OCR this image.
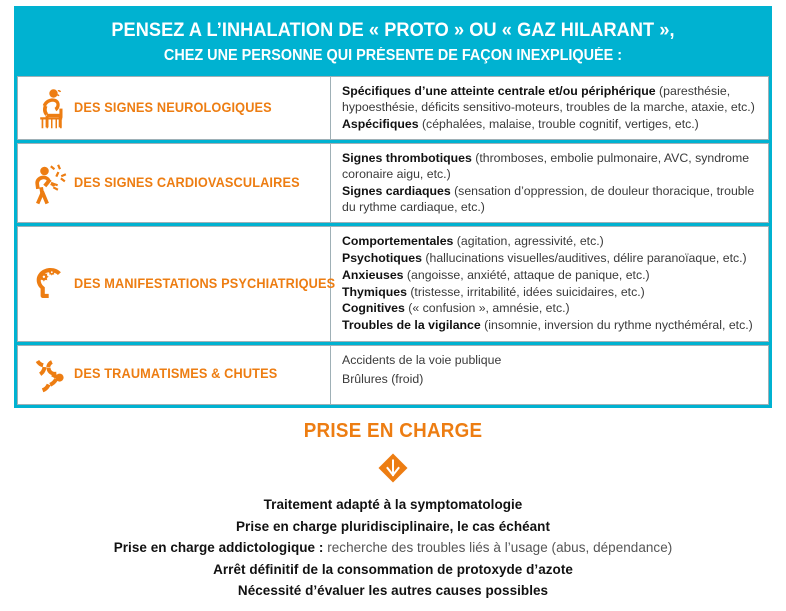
PENSEZ A L’INHALATION DE « PROTO » OU « GAZ HILARANT »,
CHEZ UNE PERSONNE QUI PRÉSENTE DE FAÇON INEXPLIQUÉE :
DES SIGNES NEUROLOGIQUES

Spécifiques d’une atteinte centrale et/ou périphérique (paresthésie, hypoesthésie, déficits sensitivo-moteurs, troubles de la marche, ataxie, etc.)

Aspécifiques (céphalées, malaise, trouble cognitif, vertiges, etc.)

DES SIGNES CARDIOVASCULAIRES

Signes thrombotiques (thromboses, embolie pulmonaire, AVC, syndrome coronaire aigu, etc.)

Signes cardiaques (sensation d’oppression, de douleur thoracique, trouble du rythme cardiaque, etc.)

DES MANIFESTATIONS PSYCHIATRIQUES

Comportementales (agitation, agressivité, etc.)

Psychotiques (hallucinations visuelles/auditives, délire paranoïaque, etc.)

Anxieuses (angoisse, anxiété, attaque de panique, etc.)

Thymiques (tristesse, irritabilité, idées suicidaires, etc.)

Cognitives (« confusion », amnésie, etc.)

Troubles de la vigilance (insomnie, inversion du rythme nycthéméral, etc.)

DES TRAUMATISMES & CHUTES

Accidents de la voie publique

Brûlures (froid)

PRISE EN CHARGE
Traitement adapté à la symptomatologie
Prise en charge pluridisciplinaire, le cas échéant
Prise en charge addictologique : recherche des troubles liés à l’usage (abus, dépendance)
Arrêt définitif de la consommation de protoxyde d’azote
Nécessité d’évaluer les autres causes possibles
